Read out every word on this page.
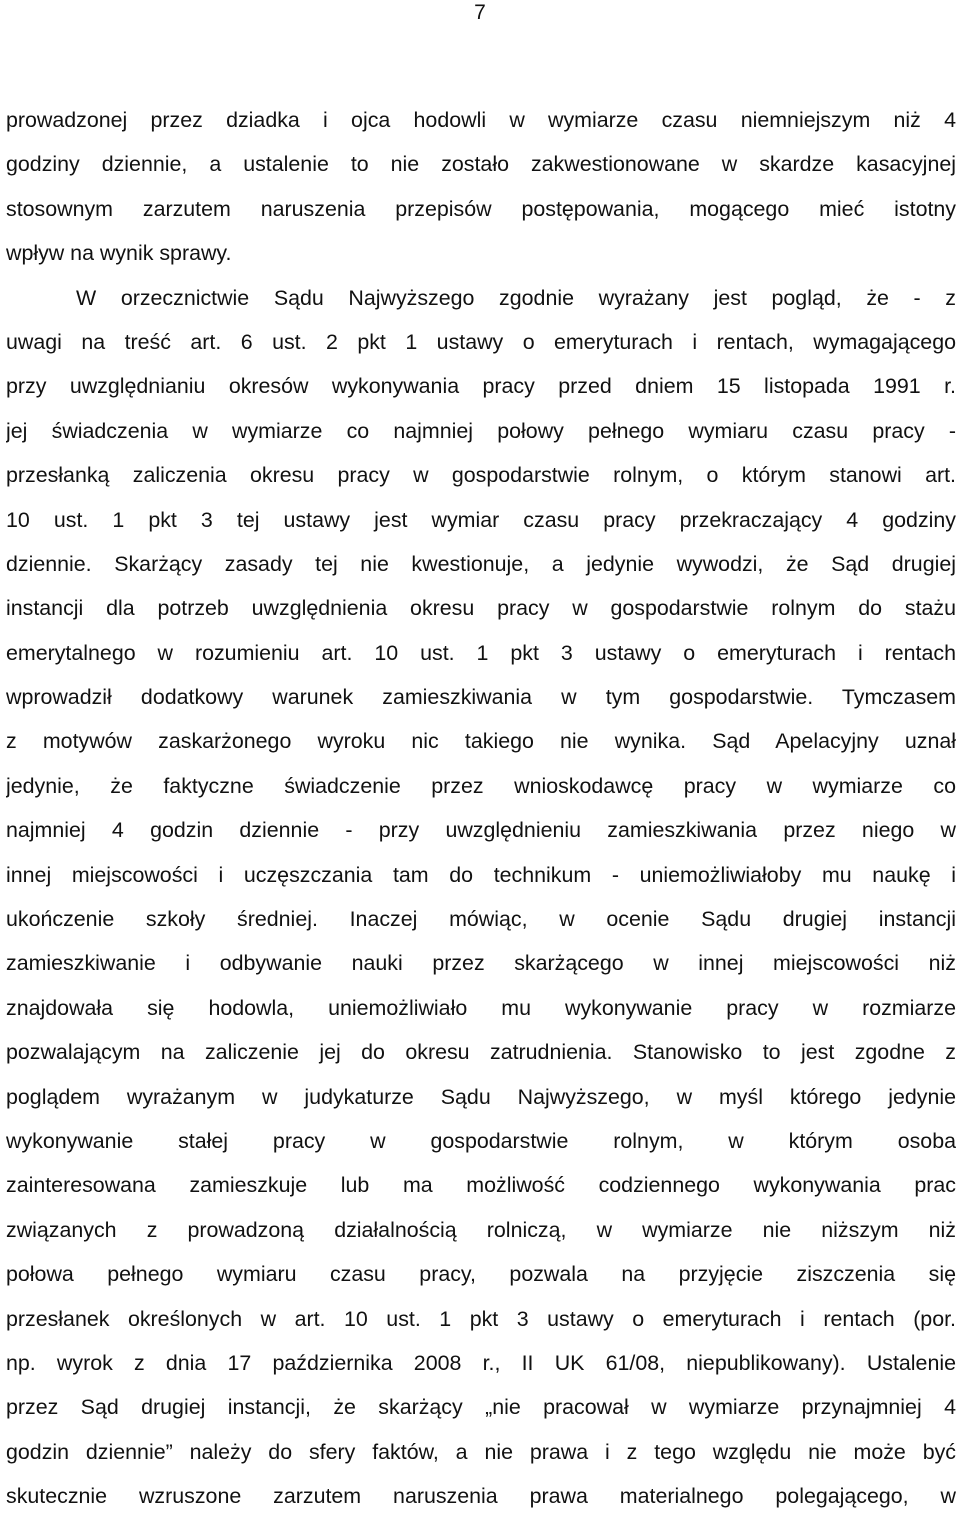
7
prowadzonej przez dziadka i ojca hodowli w wymiarze czasu niemniejszym niż 4
godziny dziennie, a ustalenie to nie zostało zakwestionowane w skardze kasacyjnej
stosownym zarzutem naruszenia przepisów postępowania, mogącego mieć istotny
wpływ na wynik sprawy.
W orzecznictwie Sądu Najwyższego zgodnie wyrażany jest pogląd, że - z
uwagi na treść art. 6 ust. 2 pkt 1 ustawy o emeryturach i rentach, wymagającego
przy uwzględnianiu okresów wykonywania pracy przed dniem 15 listopada 1991 r.
jej świadczenia w wymiarze co najmniej połowy pełnego wymiaru czasu pracy -
przesłanką zaliczenia okresu pracy w gospodarstwie rolnym, o którym stanowi art.
10 ust. 1 pkt 3 tej ustawy jest wymiar czasu pracy przekraczający 4 godziny
dziennie. Skarżący zasady tej nie kwestionuje, a jedynie wywodzi, że Sąd drugiej
instancji dla potrzeb uwzględnienia okresu pracy w gospodarstwie rolnym do stażu
emerytalnego w rozumieniu art. 10 ust. 1 pkt 3 ustawy o emeryturach i rentach
wprowadził dodatkowy warunek zamieszkiwania w tym gospodarstwie. Tymczasem
z motywów zaskarżonego wyroku nic takiego nie wynika. Sąd Apelacyjny uznał
jedynie, że faktyczne świadczenie przez wnioskodawcę pracy w wymiarze co
najmniej 4 godzin dziennie - przy uwzględnieniu zamieszkiwania przez niego w
innej miejscowości i uczęszczania tam do technikum - uniemożliwiałoby mu naukę i
ukończenie szkoły średniej. Inaczej mówiąc, w ocenie Sądu drugiej instancji
zamieszkiwanie i odbywanie nauki przez skarżącego w innej miejscowości niż
znajdowała się hodowla, uniemożliwiało mu wykonywanie pracy w rozmiarze
pozwalającym na zaliczenie jej do okresu zatrudnienia. Stanowisko to jest zgodne z
poglądem wyrażanym w judykaturze Sądu Najwyższego, w myśl którego jedynie
wykonywanie stałej pracy w gospodarstwie rolnym, w którym osoba
zainteresowana zamieszkuje lub ma możliwość codziennego wykonywania prac
związanych z prowadzoną działalnością rolniczą, w wymiarze nie niższym niż
połowa pełnego wymiaru czasu pracy, pozwala na przyjęcie ziszczenia się
przesłanek określonych w art. 10 ust. 1 pkt 3 ustawy o emeryturach i rentach (por.
np. wyrok z dnia 17 października 2008 r., II UK 61/08, niepublikowany). Ustalenie
przez Sąd drugiej instancji, że skarżący „nie pracował w wymiarze przynajmniej 4
godzin dziennie” należy do sfery faktów, a nie prawa i z tego względu nie może być
skutecznie wzruszone zarzutem naruszenia prawa materialnego polegającego, w
